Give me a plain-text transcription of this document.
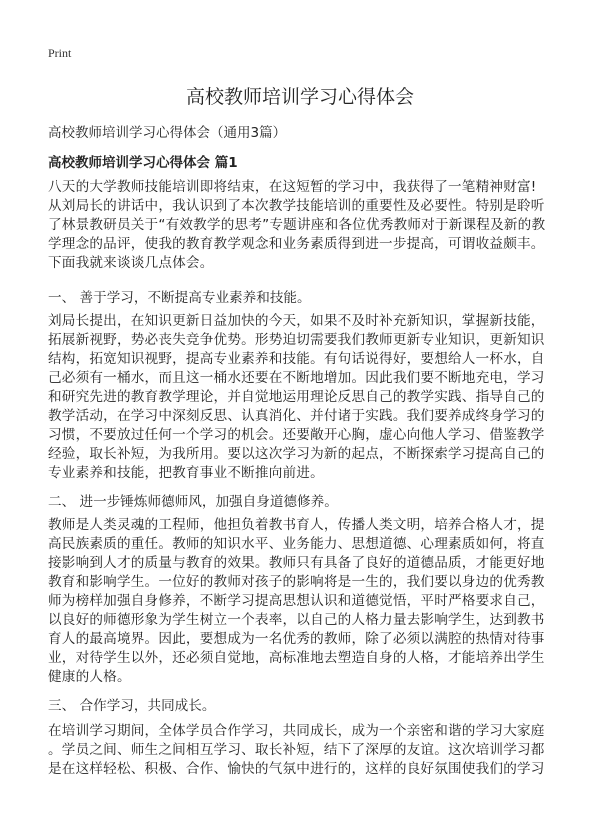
Print
高校教师培训学习心得体会
高校教师培训学习心得体会（通用3篇）
高校教师培训学习心得体会 篇1
八天的大学教师技能培训即将结束，在这短暂的学习中，我获得了一笔精神财富!
从刘局长的讲话中，我认识到了本次教学技能培训的重要性及必要性。特别是聆听
了林景教研员关于“有效教学的思考”专题讲座和各位优秀教师对于新课程及新的教
学理念的品评，使我的教育教学观念和业务素质得到进一步提高，可谓收益颇丰。
下面我就来谈谈几点体会。
一、 善于学习，不断提高专业素养和技能。
刘局长提出，在知识更新日益加快的今天，如果不及时补充新知识，掌握新技能，
拓展新视野，势必丧失竞争优势。形势迫切需要我们教师更新专业知识，更新知识
结构，拓宽知识视野，提高专业素养和技能。有句话说得好，要想给人一杯水，自
己必须有一桶水，而且这一桶水还要在不断地增加。因此我们要不断地充电，学习
和研究先进的教育教学理论，并自觉地运用理论反思自己的教学实践、指导自己的
教学活动，在学习中深刻反思、认真消化、并付诸于实践。我们要养成终身学习的
习惯，不要放过任何一个学习的机会。还要敞开心胸，虚心向他人学习、借鉴教学
经验，取长补短，为我所用。要以这次学习为新的起点，不断探索学习提高自己的
专业素养和技能，把教育事业不断推向前进。
二、 进一步锤炼师德师风，加强自身道德修养。
教师是人类灵魂的工程师，他担负着教书育人，传播人类文明，培养合格人才，提
高民族素质的重任。教师的知识水平、业务能力、思想道德、心理素质如何，将直
接影响到人才的质量与教育的效果。教师只有具备了良好的道德品质，才能更好地
教育和影响学生。一位好的教师对孩子的影响将是一生的，我们要以身边的优秀教
师为榜样加强自身修养，不断学习提高思想认识和道德觉悟，平时严格要求自己，
以良好的师德形象为学生树立一个表率，以自己的人格力量去影响学生，达到教书
育人的最高境界。因此，要想成为一名优秀的教师，除了必须以满腔的热情对待事
业，对待学生以外，还必须自觉地，高标准地去塑造自身的人格，才能培养出学生
健康的人格。
三、 合作学习，共同成长。
在培训学习期间，全体学员合作学习，共同成长，成为一个亲密和谐的学习大家庭
。学员之间、师生之间相互学习、取长补短，结下了深厚的友谊。这次培训学习都
是在这样轻松、积极、合作、愉快的气氛中进行的，这样的良好氛围使我们的学习
